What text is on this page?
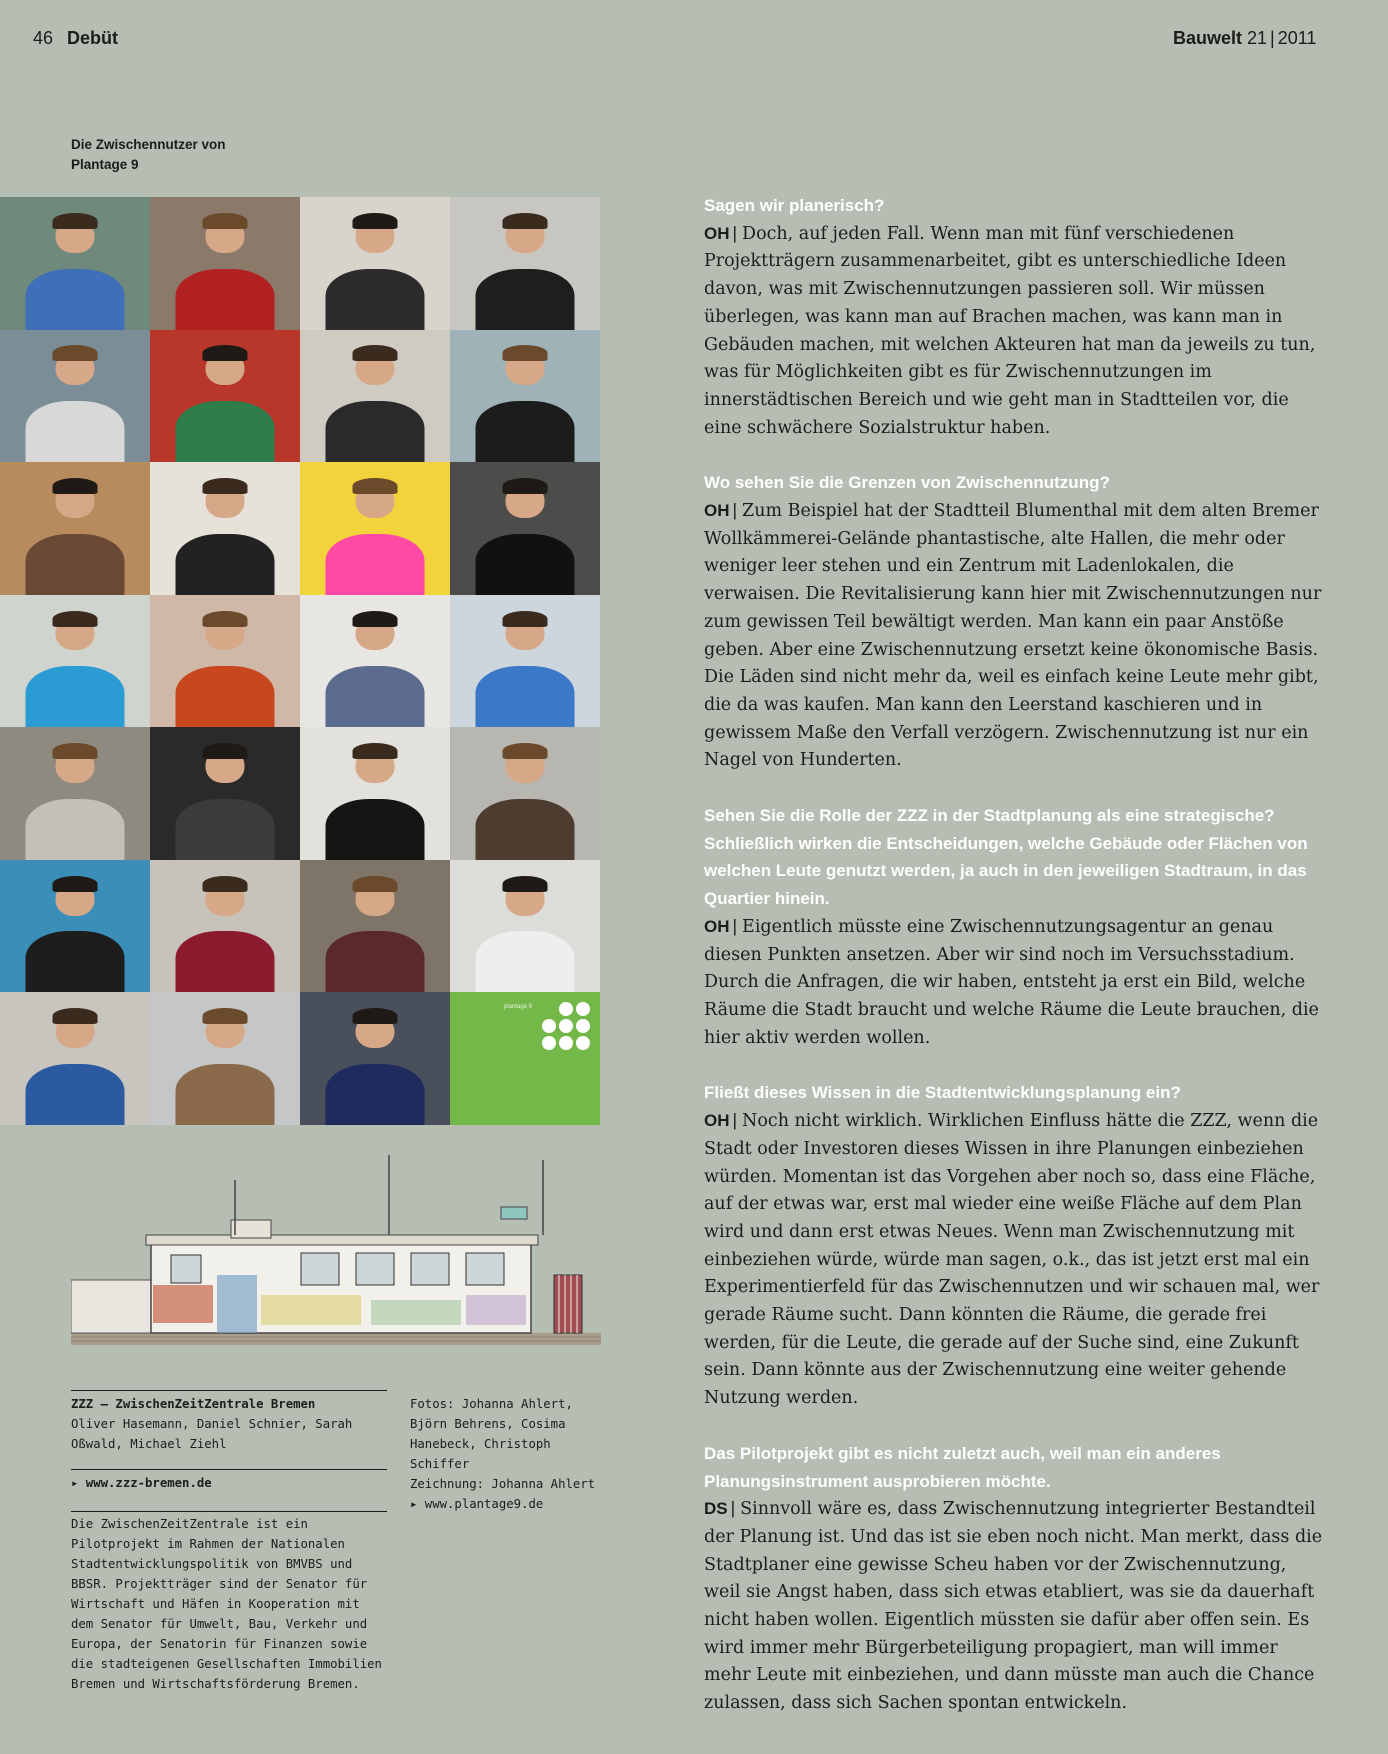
46 Debüt	Bauwelt 21 | 2011
Die Zwischennutzer von Plantage 9
plantage 9
ZZZ – ZwischenZeitZentrale Bremen
Oliver Hasemann, Daniel Schnier, Sarah Oßwald, Michael Ziehl
▸ www.zzz-bremen.de
Die ZwischenZeitZentrale ist ein Pilotprojekt im Rahmen der Nationalen Stadtentwicklungspolitik von BMVBS und BBSR. Projektträger sind der Senator für Wirtschaft und Häfen in Kooperation mit dem Senator für Umwelt, Bau, Verkehr und Europa, der Senatorin für Finanzen sowie die stadteigenen Gesellschaften Immobilien Bremen und Wirtschaftsförderung Bremen.
Fotos: Johanna Ahlert, Björn Behrens, Cosima Hanebeck, Christoph Schiffer
Zeichnung: Johanna Ahlert
▸ www.plantage9.de
Sagen wir planerisch?

OH | Doch, auf jeden Fall. Wenn man mit fünf verschiedenen Projektträgern zusammenarbeitet, gibt es unterschiedliche Ideen davon, was mit Zwischennutzungen passieren soll. Wir müssen überlegen, was kann man auf Brachen machen, was kann man in Gebäuden machen, mit welchen Akteuren hat man da jeweils zu tun, was für Möglichkeiten gibt es für Zwischennutzungen im innerstädtischen Bereich und wie geht man in Stadtteilen vor, die eine schwächere Sozialstruktur haben.

Wo sehen Sie die Grenzen von Zwischennutzung?

OH | Zum Beispiel hat der Stadtteil Blumenthal mit dem alten Bremer Wollkämmerei-Gelände phantastische, alte Hallen, die mehr oder weniger leer stehen und ein Zentrum mit Ladenlokalen, die verwaisen. Die Revitalisierung kann hier mit Zwischennutzungen nur zum gewissen Teil bewältigt werden. Man kann ein paar Anstöße geben. Aber eine Zwischennutzung ersetzt keine ökonomische Basis. Die Läden sind nicht mehr da, weil es einfach keine Leute mehr gibt, die da was kaufen. Man kann den Leerstand kaschieren und in gewissem Maße den Verfall verzögern. Zwischennutzung ist nur ein Nagel von Hunderten.

Sehen Sie die Rolle der ZZZ in der Stadtplanung als eine strategische? Schließlich wirken die Entscheidungen, welche Gebäude oder Flächen von welchen Leute genutzt werden, ja auch in den jeweiligen Stadtraum, in das Quartier hinein.

OH | Eigentlich müsste eine Zwischennutzungsagentur an genau diesen Punkten ansetzen. Aber wir sind noch im Versuchsstadium. Durch die Anfragen, die wir haben, entsteht ja erst ein Bild, welche Räume die Stadt braucht und welche Räume die Leute brauchen, die hier aktiv werden wollen.

Fließt dieses Wissen in die Stadtentwicklungsplanung ein?

OH | Noch nicht wirklich. Wirklichen Einfluss hätte die ZZZ, wenn die Stadt oder Investoren dieses Wissen in ihre Planungen einbeziehen würden. Momentan ist das Vorgehen aber noch so, dass eine Fläche, auf der etwas war, erst mal wieder eine weiße Fläche auf dem Plan wird und dann erst etwas Neues. Wenn man Zwischennutzung mit einbeziehen würde, würde man sagen, o.k., das ist jetzt erst mal ein Experimentierfeld für das Zwischennutzen und wir schauen mal, wer gerade Räume sucht. Dann könnten die Räume, die gerade frei werden, für die Leute, die gerade auf der Suche sind, eine Zukunft sein. Dann könnte aus der Zwischennutzung eine weiter gehende Nutzung werden.

Das Pilotprojekt gibt es nicht zuletzt auch, weil man ein anderes Planungsinstrument ausprobieren möchte.

DS | Sinnvoll wäre es, dass Zwischennutzung integrierter Bestandteil der Planung ist. Und das ist sie eben noch nicht. Man merkt, dass die Stadtplaner eine gewisse Scheu haben vor der Zwischennutzung, weil sie Angst haben, dass sich etwas etabliert, was sie da dauerhaft nicht haben wollen. Eigentlich müssten sie dafür aber offen sein. Es wird immer mehr Bürgerbeteiligung propagiert, man will immer mehr Leute mit einbeziehen, und dann müsste man auch die Chance zulassen, dass sich Sachen spontan entwickeln.
